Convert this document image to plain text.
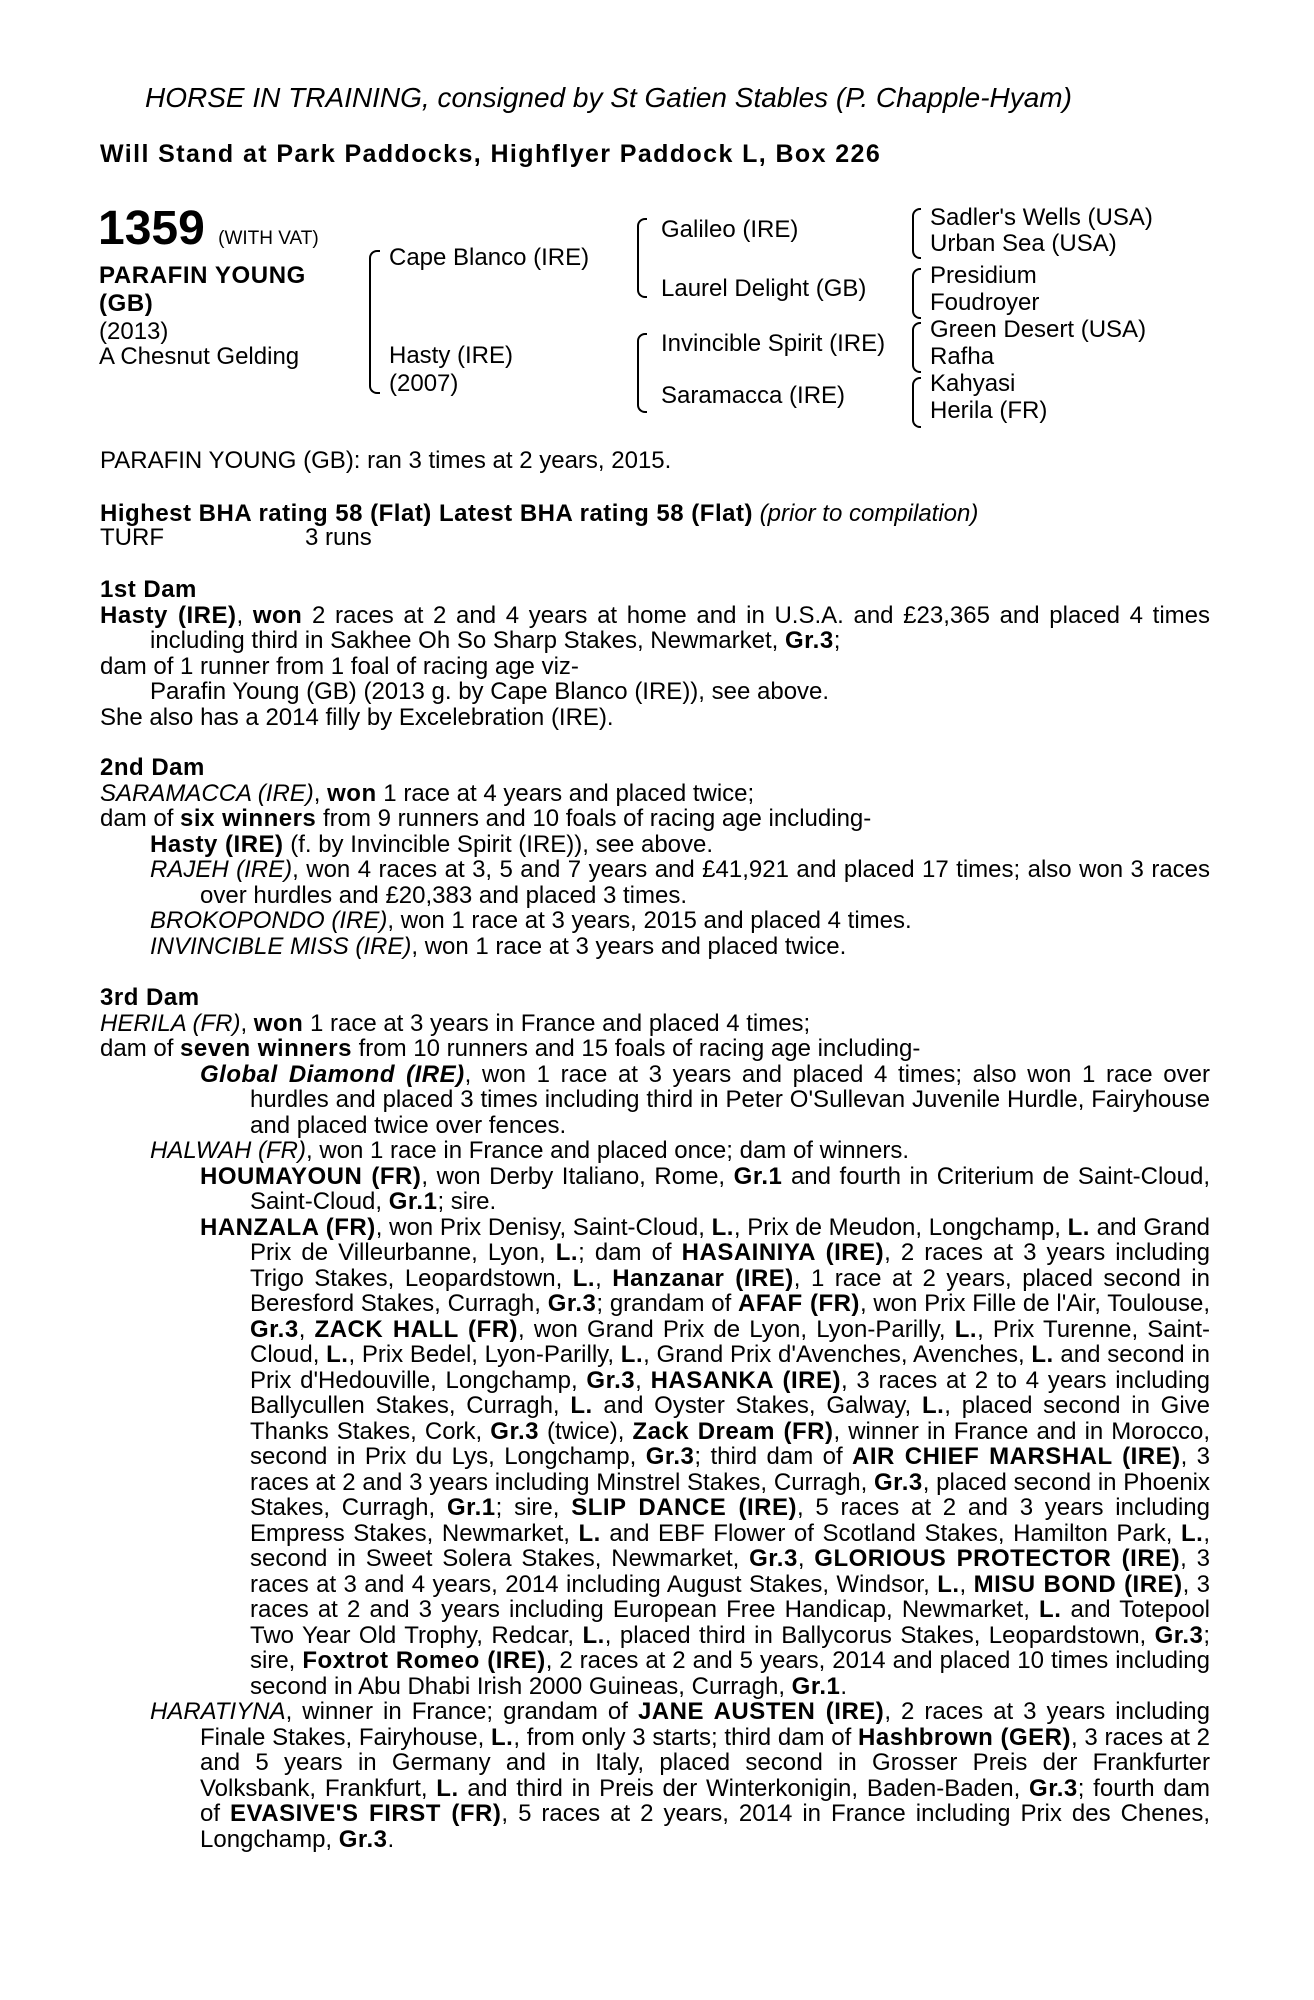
HORSE IN TRAINING, consigned by St Gatien Stables (P. Chapple-Hyam)
Will Stand at Park Paddocks, Highflyer Paddock L, Box 226
1359 (WITH VAT)
PARAFIN YOUNG
(GB)
(2013)
A Chesnut Gelding
Cape Blanco (IRE)
Hasty (IRE)
(2007)
Galileo (IRE)
Laurel Delight (GB)
Invincible Spirit (IRE)
Saramacca (IRE)
Sadler's Wells (USA)
Urban Sea (USA)
Presidium
Foudroyer
Green Desert (USA)
Rafha
Kahyasi
Herila (FR)
PARAFIN YOUNG (GB): ran 3 times at 2 years, 2015.
Highest BHA rating 58 (Flat) Latest BHA rating 58 (Flat) (prior to compilation)
TURF	3 runs

1st Dam

Hasty (IRE), won 2 races at 2 and 4 years at home and in U.S.A. and £23,365 and placed 4 times including third in Sakhee Oh So Sharp Stakes, Newmarket, Gr.3;

dam of 1 runner from 1 foal of racing age viz-

Parafin Young (GB) (2013 g. by Cape Blanco (IRE)), see above.

She also has a 2014 filly by Excelebration (IRE).

2nd Dam

SARAMACCA (IRE), won 1 race at 4 years and placed twice;

dam of six winners from 9 runners and 10 foals of racing age including-

Hasty (IRE) (f. by Invincible Spirit (IRE)), see above.

RAJEH (IRE), won 4 races at 3, 5 and 7 years and £41,921 and placed 17 times; also won 3 races over hurdles and £20,383 and placed 3 times.

BROKOPONDO (IRE), won 1 race at 3 years, 2015 and placed 4 times.

INVINCIBLE MISS (IRE), won 1 race at 3 years and placed twice.

3rd Dam

HERILA (FR), won 1 race at 3 years in France and placed 4 times;

dam of seven winners from 10 runners and 15 foals of racing age including-

Global Diamond (IRE), won 1 race at 3 years and placed 4 times; also won 1 race over hurdles and placed 3 times including third in Peter O'Sullevan Juvenile Hurdle, Fairyhouse and placed twice over fences.

HALWAH (FR), won 1 race in France and placed once; dam of winners.

HOUMAYOUN (FR), won Derby Italiano, Rome, Gr.1 and fourth in Criterium de Saint-Cloud, Saint-Cloud, Gr.1; sire.

HANZALA (FR), won Prix Denisy, Saint-Cloud, L., Prix de Meudon, Longchamp, L. and Grand Prix de Villeurbanne, Lyon, L.; dam of HASAINIYA (IRE), 2 races at 3 years including Trigo Stakes, Leopardstown, L., Hanzanar (IRE), 1 race at 2 years, placed second in Beresford Stakes, Curragh, Gr.3; grandam of AFAF (FR), won Prix Fille de l'Air, Toulouse, Gr.3, ZACK HALL (FR), won Grand Prix de Lyon, Lyon-Parilly, L., Prix Turenne, Saint-Cloud, L., Prix Bedel, Lyon-Parilly, L., Grand Prix d'Avenches, Avenches, L. and second in Prix d'Hedouville, Longchamp, Gr.3, HASANKA (IRE), 3 races at 2 to 4 years including Ballycullen Stakes, Curragh, L. and Oyster Stakes, Galway, L., placed second in Give Thanks Stakes, Cork, Gr.3 (twice), Zack Dream (FR), winner in France and in Morocco, second in Prix du Lys, Longchamp, Gr.3; third dam of AIR CHIEF MARSHAL (IRE), 3 races at 2 and 3 years including Minstrel Stakes, Curragh, Gr.3, placed second in Phoenix Stakes, Curragh, Gr.1; sire, SLIP DANCE (IRE), 5 races at 2 and 3 years including Empress Stakes, Newmarket, L. and EBF Flower of Scotland Stakes, Hamilton Park, L., second in Sweet Solera Stakes, Newmarket, Gr.3, GLORIOUS PROTECTOR (IRE), 3 races at 3 and 4 years, 2014 including August Stakes, Windsor, L., MISU BOND (IRE), 3 races at 2 and 3 years including European Free Handicap, Newmarket, L. and Totepool Two Year Old Trophy, Redcar, L., placed third in Ballycorus Stakes, Leopardstown, Gr.3; sire, Foxtrot Romeo (IRE), 2 races at 2 and 5 years, 2014 and placed 10 times including second in Abu Dhabi Irish 2000 Guineas, Curragh, Gr.1.

HARATIYNA, winner in France; grandam of JANE AUSTEN (IRE), 2 races at 3 years including Finale Stakes, Fairyhouse, L., from only 3 starts; third dam of Hashbrown (GER), 3 races at 2 and 5 years in Germany and in Italy, placed second in Grosser Preis der Frankfurter Volksbank, Frankfurt, L. and third in Preis der Winterkonigin, Baden-Baden, Gr.3; fourth dam of EVASIVE'S FIRST (FR), 5 races at 2 years, 2014 in France including Prix des Chenes, Longchamp, Gr.3.
